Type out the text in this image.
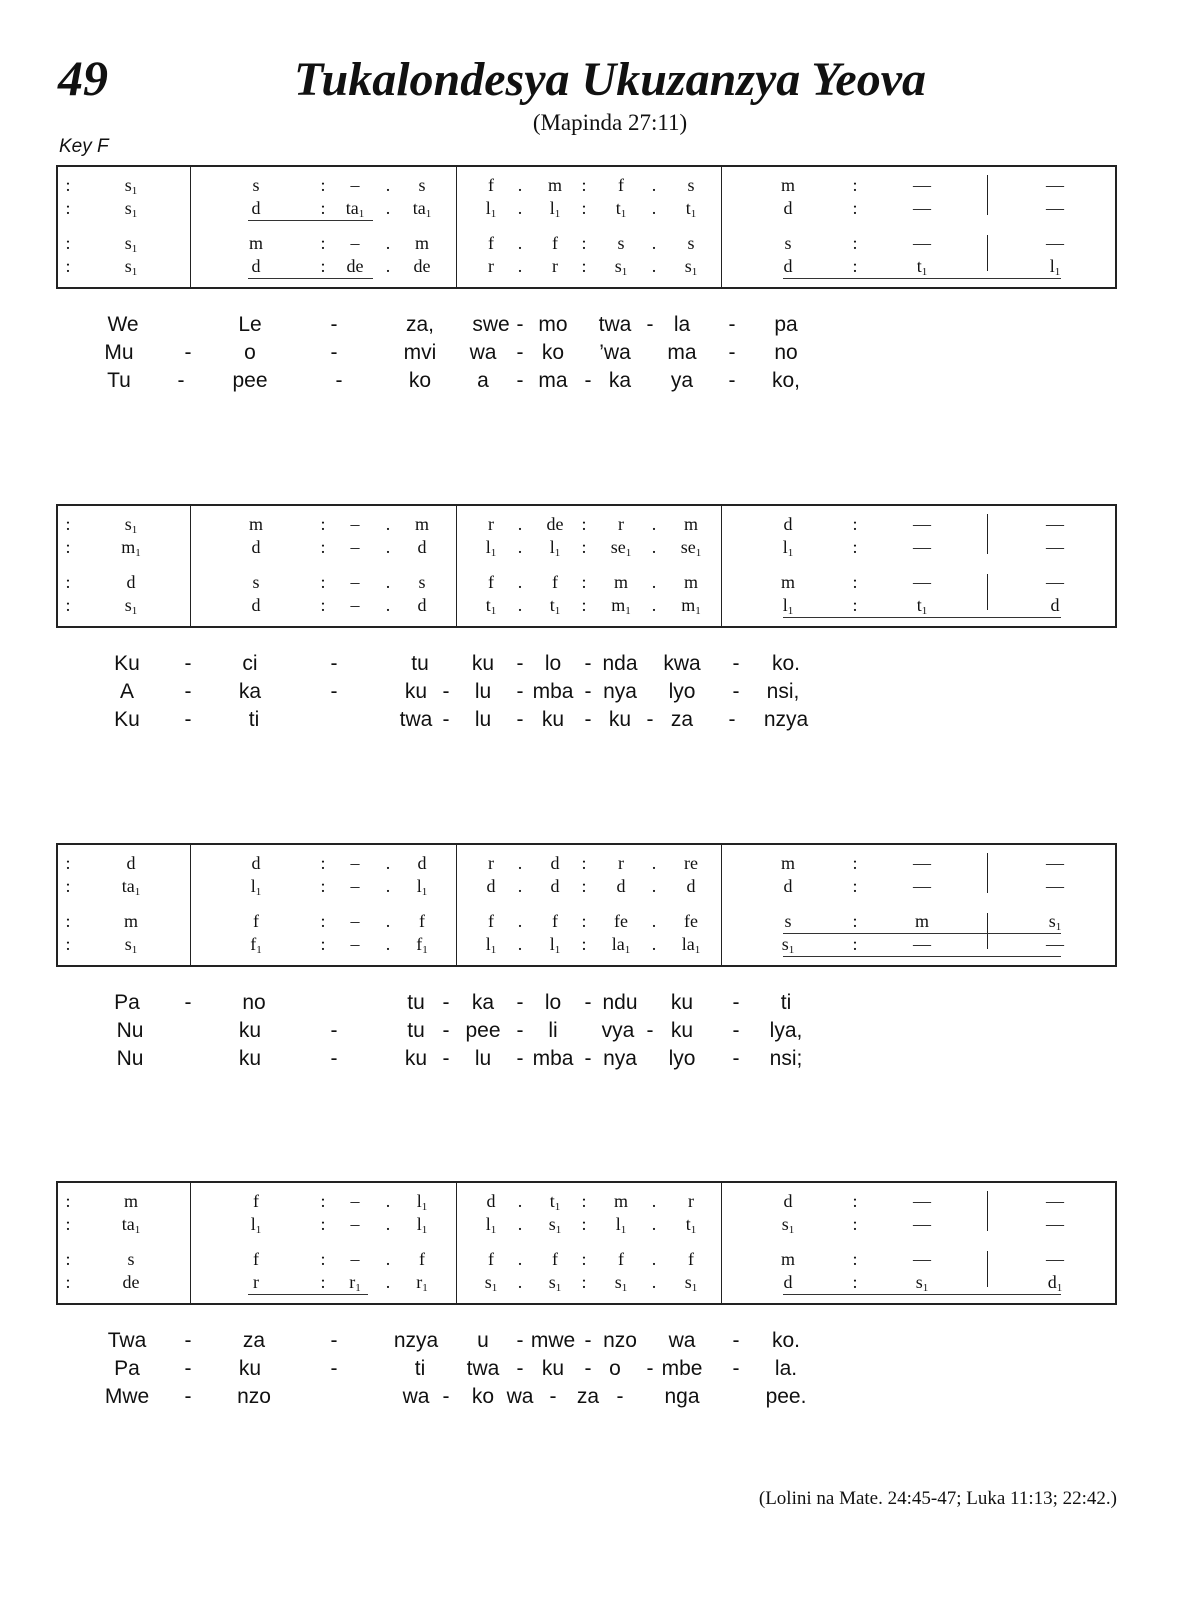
49	Tukalondesya Ukuzanzya Yeova
(Mapinda 27:11)
Key F
:	$s_1$	s	: – . s	f . m : f . s	m	:	—	—
:	$s_1$	d	: $ta_1$ . $ta_1$	$l_1$ . $l_1$ : $t_1$ . $t_1$	d	:	—	—
:	$s_1$	m	: – . m	f . f : s . s	s	:	—	—
:	$s_1$	d	: de . de	r . r : $s_1$ . $s_1$	d	:	$t_1$	$l_1$
We	Le	-	za, swe - mo twa - la - pa
Mu -	o	-	mvi wa - ko ’wa ma - no
Tu - pee	-	ko a - ma - ka ya - ko,
:	$s_1$	m	: – . m	r . de : r . m	d	:	—	—
:	$m_1$	d	: – . d	$l_1$ . $l_1$ : $se_1$ . $se_1$	$l_1$	:	—	—
:	d	s	: – . s	f . f : m . m	m	:	—	—
:	$s_1$	d	: – . d	$t_1$ . $t_1$ : $m_1$ . $m_1$	$l_1$	:	$t_1$	d
Ku - ci	-	tu ku - lo - nda kwa - ko.
A - ka	-	ku - lu - mba - nya lyo - nsi,
Ku -	ti	twa - lu - ku - ku - za - nzya
:	d	d	: – . d	r . d : r . re	m	:	—	—
:	$ta_1$	$l_1$	: – . $l_1$	d . d : d . d	d	:	—	—
:	m	f	: – . f	f . f : fe . fe	s	:	m	$s_1$
:	$s_1$	$f_1$	: – . $f_1$	$l_1$ . $l_1$ : $la_1$ . $la_1$	$s_1$	:	—	—
Pa - no	tu - ka - lo - ndu ku - ti
Nu	ku	-	tu - pee - li vya - ku - lya,
Nu	ku	-	ku - lu - mba - nya lyo - nsi;
:	m	f	: – . $l_1$	d . $t_1$ : m . r	d	:	—	—
:	$ta_1$	$l_1$	: – . $l_1$	$l_1$ . $s_1$ : $l_1$ . $t_1$	$s_1$	:	—	—
:	s	f	: – . f	f . f : f . f	m	:	—	—
:	de	r	: $r_1$ . $r_1$	$s_1$ . $s_1$ : $s_1$ . $s_1$	d	:	$s_1$	$d_1$
Twa - za	-	nzya u - mwe - nzo wa - ko.
Pa - ku	-	ti twa - ku - o - mbe - la.
Mwe - nzo	wa - ko wa - za - nga	pee.
(Lolini na Mate. 24:45-47; Luka 11:13; 22:42.)
